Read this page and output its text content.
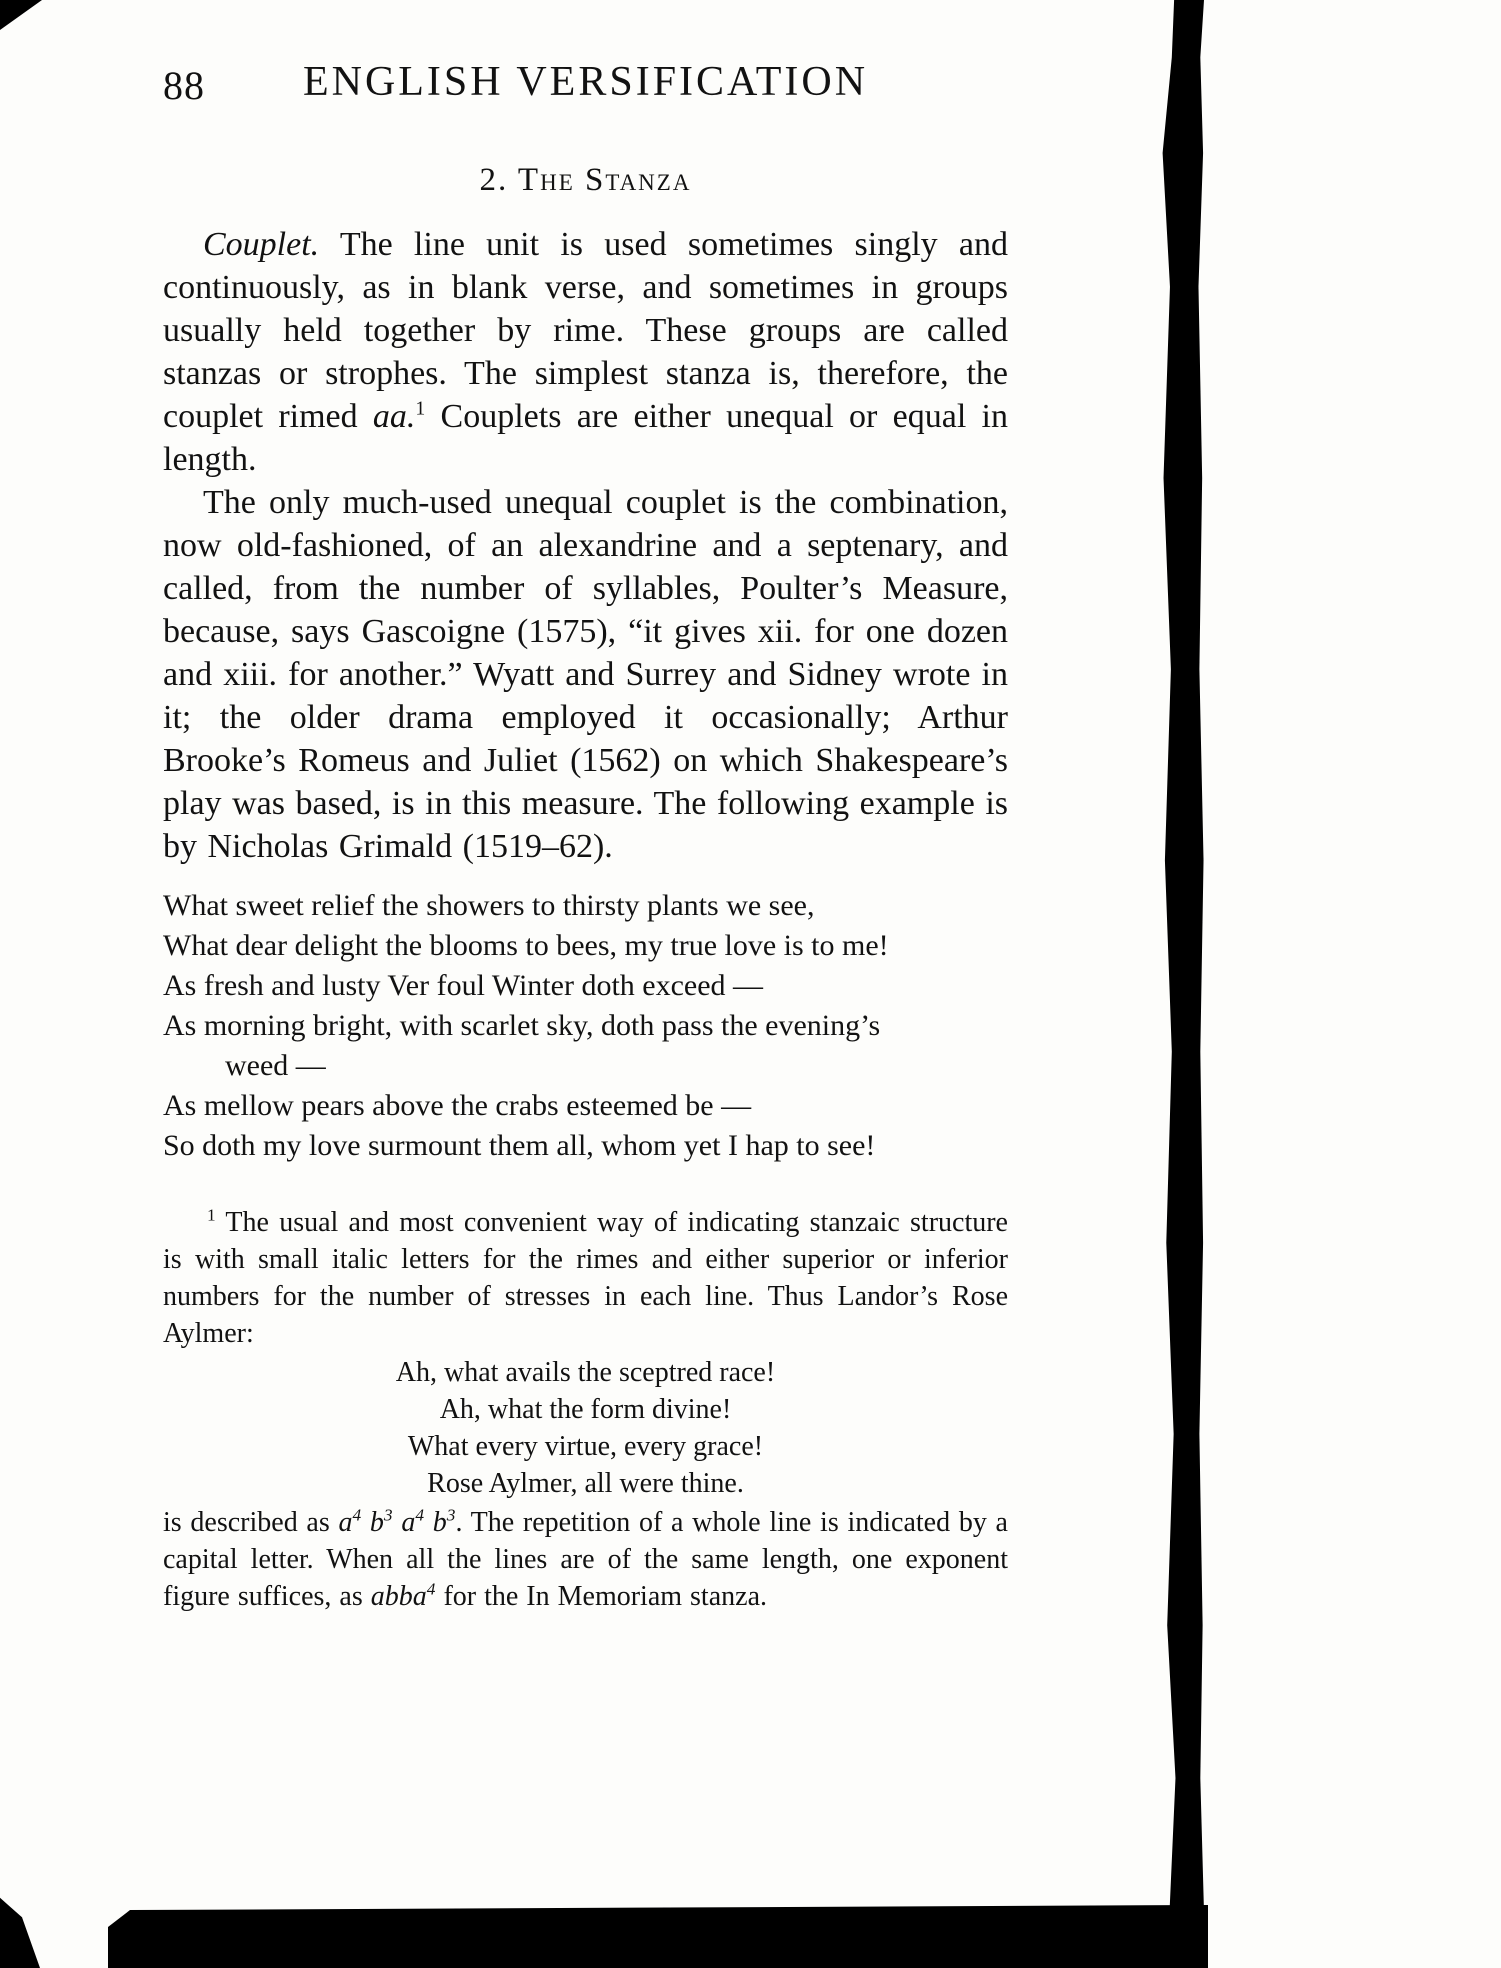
88	ENGLISH VERSIFICATION
2. The Stanza

Couplet. The line unit is used sometimes singly and continuously, as in blank verse, and sometimes in groups usually held together by rime. These groups are called stanzas or strophes. The simplest stanza is, therefore, the couplet rimed aa.$^1$ Couplets are either unequal or equal in length.

The only much-used unequal couplet is the combination, now old-fashioned, of an alexandrine and a septenary, and called, from the number of syllables, Poulter’s Measure, because, says Gascoigne (1575), “it gives xii. for one dozen and xiii. for another.” Wyatt and Surrey and Sidney wrote in it; the older drama employed it occasionally; Arthur Brooke’s Romeus and Juliet (1562) on which Shakespeare’s play was based, is in this measure. The following example is by Nicholas Grimald (1519–62).

What sweet relief the showers to thirsty plants we see,
What dear delight the blooms to bees, my true love is to me!
As fresh and lusty Ver foul Winter doth exceed —
As morning bright, with scarlet sky, doth pass the evening’s
weed —
As mellow pears above the crabs esteemed be —
So doth my love surmount them all, whom yet I hap to see!

$^1$ The usual and most convenient way of indicating stanzaic structure is with small italic letters for the rimes and either superior or inferior numbers for the number of stresses in each line. Thus Landor’s Rose Aylmer:

Ah, what avails the sceptred race!
Ah, what the form divine!
What every virtue, every grace!
Rose Aylmer, all were thine.

is described as $a^4$ $b^3$ $a^4$ $b^3$. The repetition of a whole line is indicated by a capital letter. When all the lines are of the same length, one exponent figure suffices, as abba$^4$ for the In Memoriam stanza.
